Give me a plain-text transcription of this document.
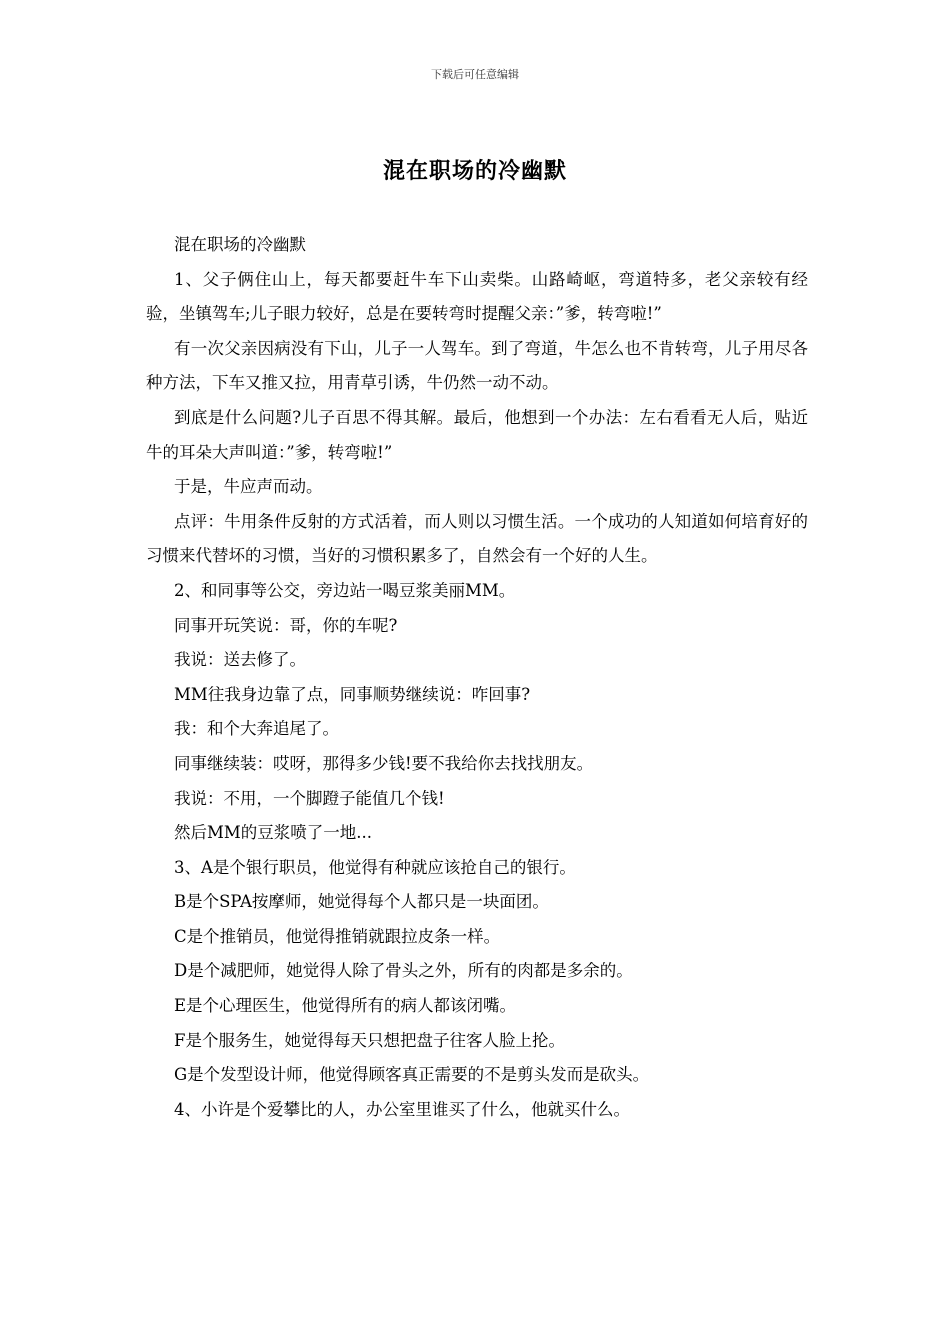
下载后可任意编辑
混在职场的冷幽默

混在职场的冷幽默

1、父子俩住山上，每天都要赶牛车下山卖柴。山路崎岖，弯道特多，老父亲较有经验，坐镇驾车;儿子眼力较好，总是在要转弯时提醒父亲：”爹，转弯啦!”

有一次父亲因病没有下山，儿子一人驾车。到了弯道，牛怎么也不肯转弯，儿子用尽各种方法，下车又推又拉，用青草引诱，牛仍然一动不动。

到底是什么问题?儿子百思不得其解。最后，他想到一个办法：左右看看无人后，贴近牛的耳朵大声叫道：”爹，转弯啦!”

于是，牛应声而动。

点评：牛用条件反射的方式活着，而人则以习惯生活。一个成功的人知道如何培育好的习惯来代替坏的习惯，当好的习惯积累多了，自然会有一个好的人生。

2、和同事等公交，旁边站一喝豆浆美丽MM。

同事开玩笑说：哥，你的车呢?

我说：送去修了。

MM往我身边靠了点，同事顺势继续说：咋回事?

我：和个大奔追尾了。

同事继续装：哎呀，那得多少钱!要不我给你去找找朋友。

我说：不用，一个脚蹬子能值几个钱!

然后MM的豆浆喷了一地...

3、A是个银行职员，他觉得有种就应该抢自己的银行。

B是个SPA按摩师，她觉得每个人都只是一块面团。

C是个推销员，他觉得推销就跟拉皮条一样。

D是个减肥师，她觉得人除了骨头之外，所有的肉都是多余的。

E是个心理医生，他觉得所有的病人都该闭嘴。

F是个服务生，她觉得每天只想把盘子往客人脸上抡。

G是个发型设计师，他觉得顾客真正需要的不是剪头发而是砍头。

4、小许是个爱攀比的人，办公室里谁买了什么，他就买什么。
